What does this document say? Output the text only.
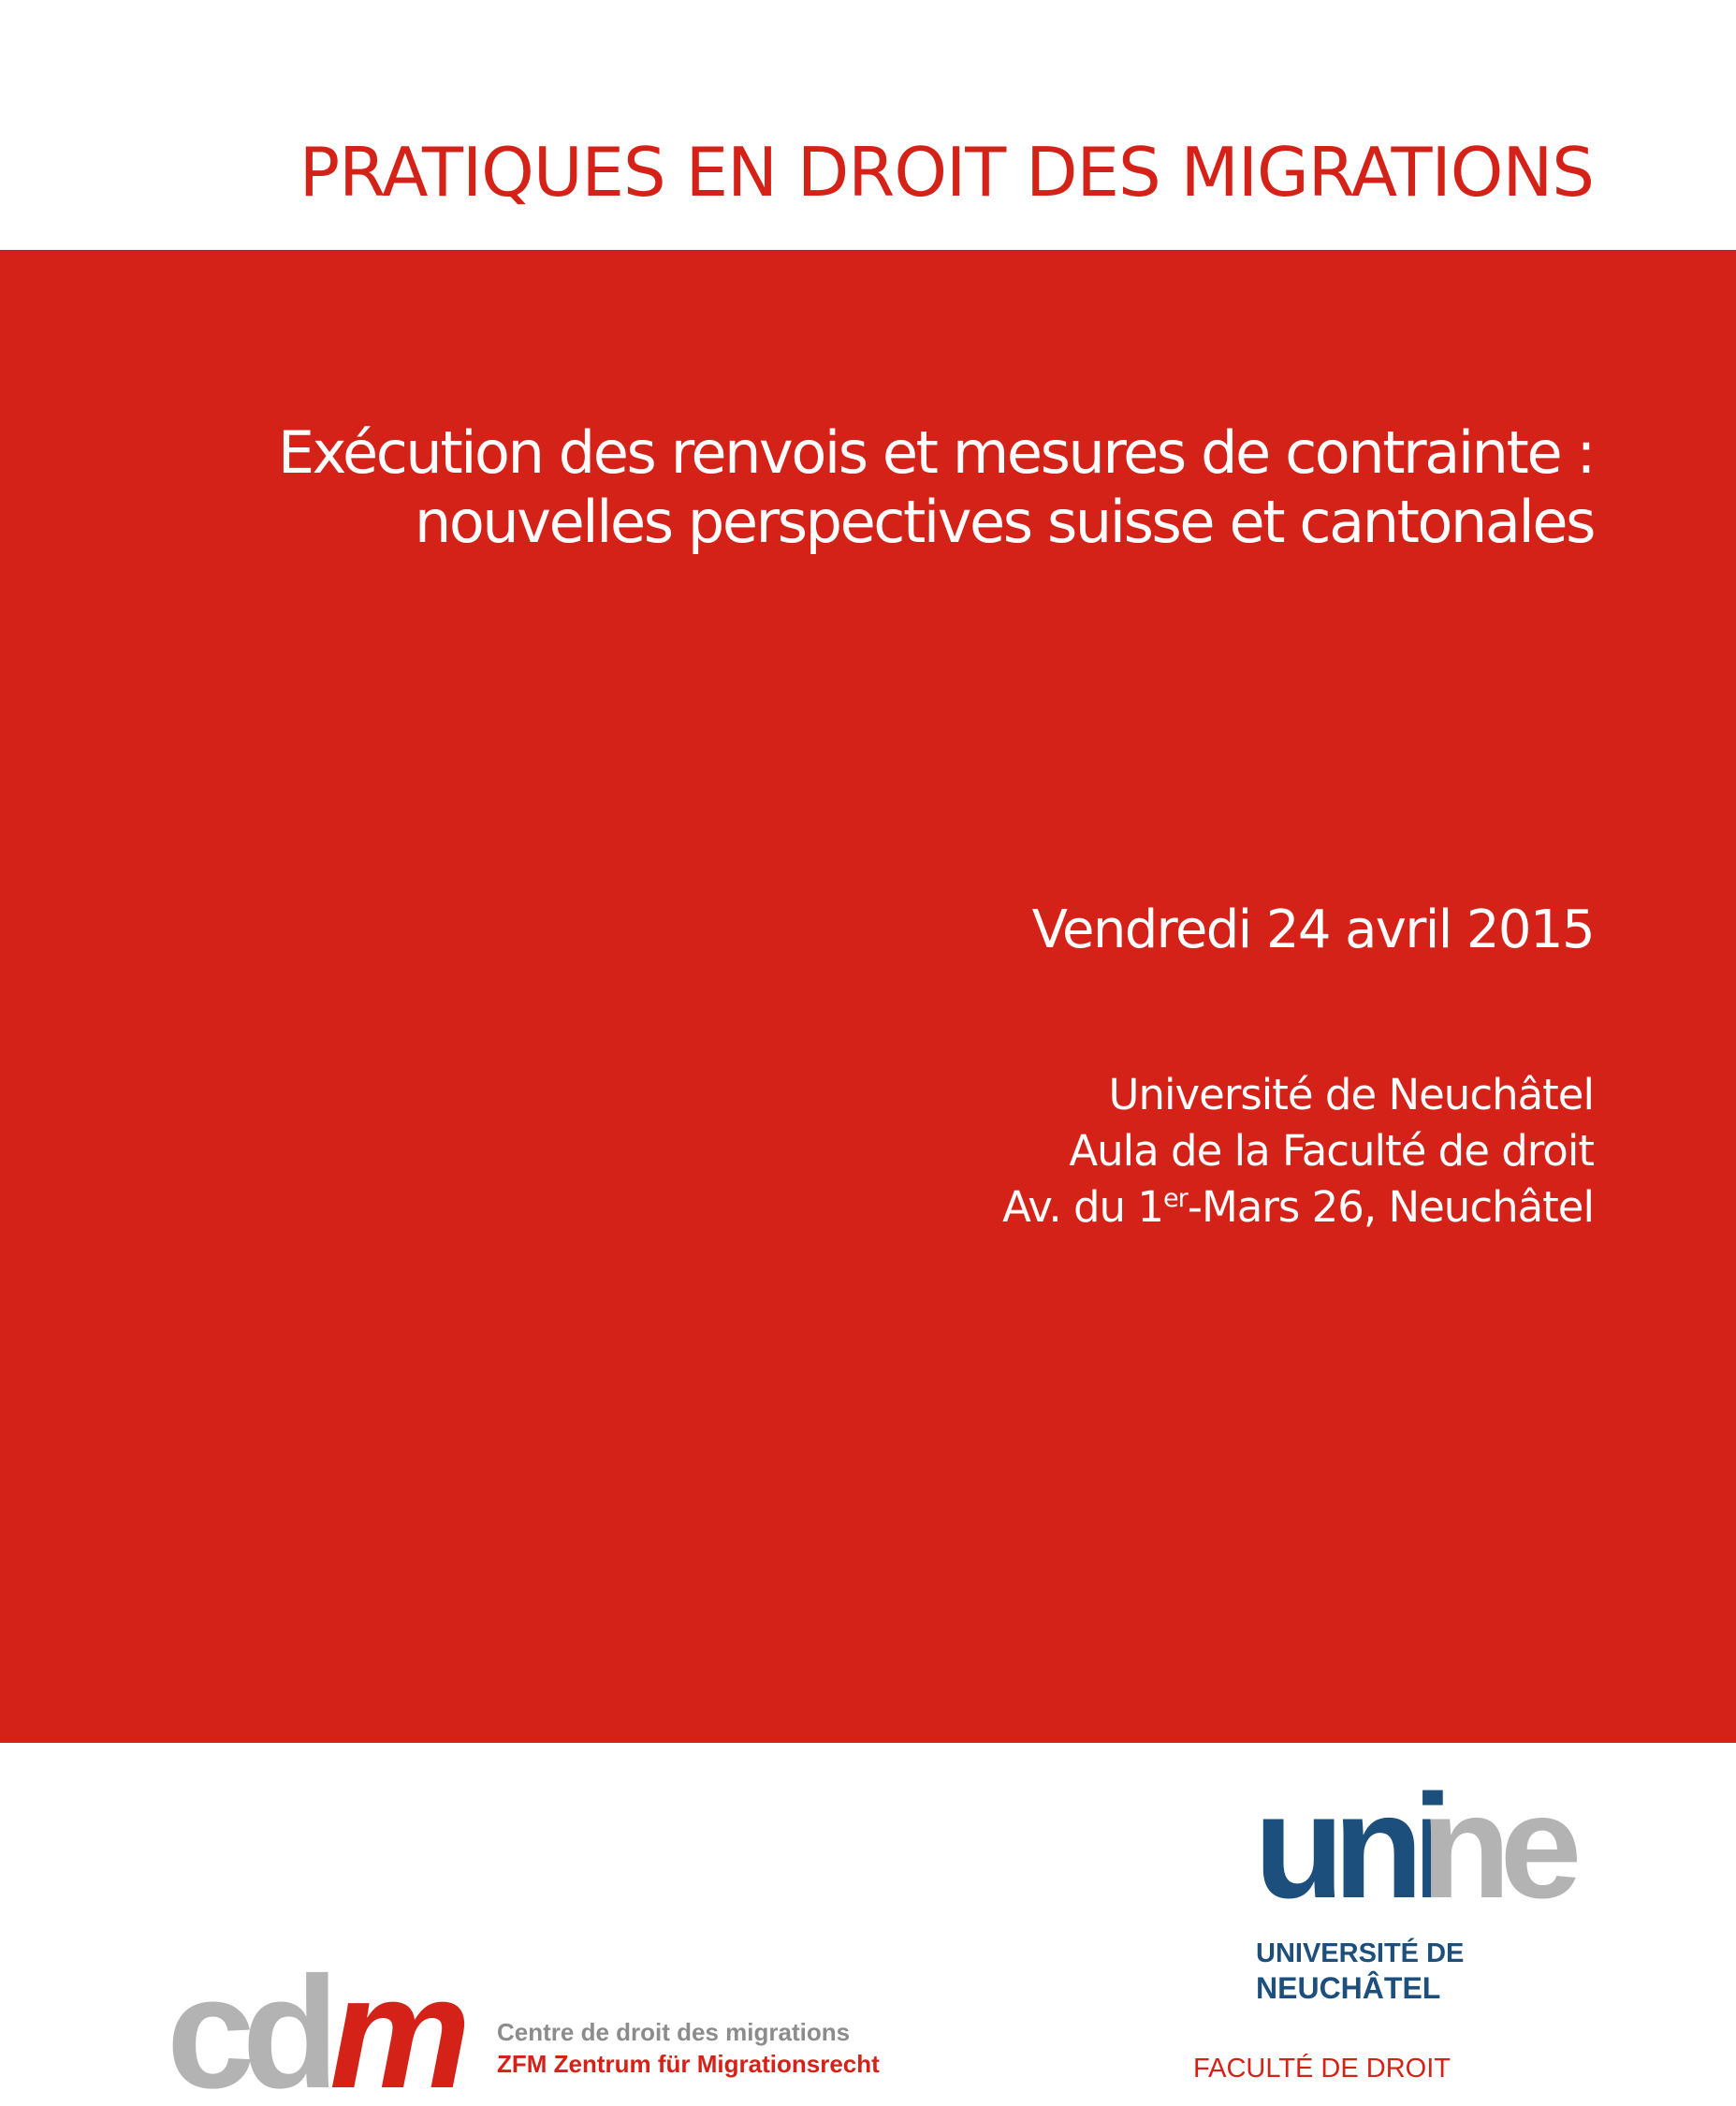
PRATIQUES EN DROIT DES MIGRATIONS
Exécution des renvois et mesures de contrainte :
nouvelles perspectives suisse et cantonales
Vendredi 24 avril 2015
Université de Neuchâtel
Aula de la Faculté de droit
Av. du 1er-Mars 26, Neuchâtel
uni
ne
UNIVERSITÉ DE
NEUCHÂTEL
FACULTÉ DE DROIT
cd m Centre de droit des migrations
ZFM Zentrum für Migrationsrecht
